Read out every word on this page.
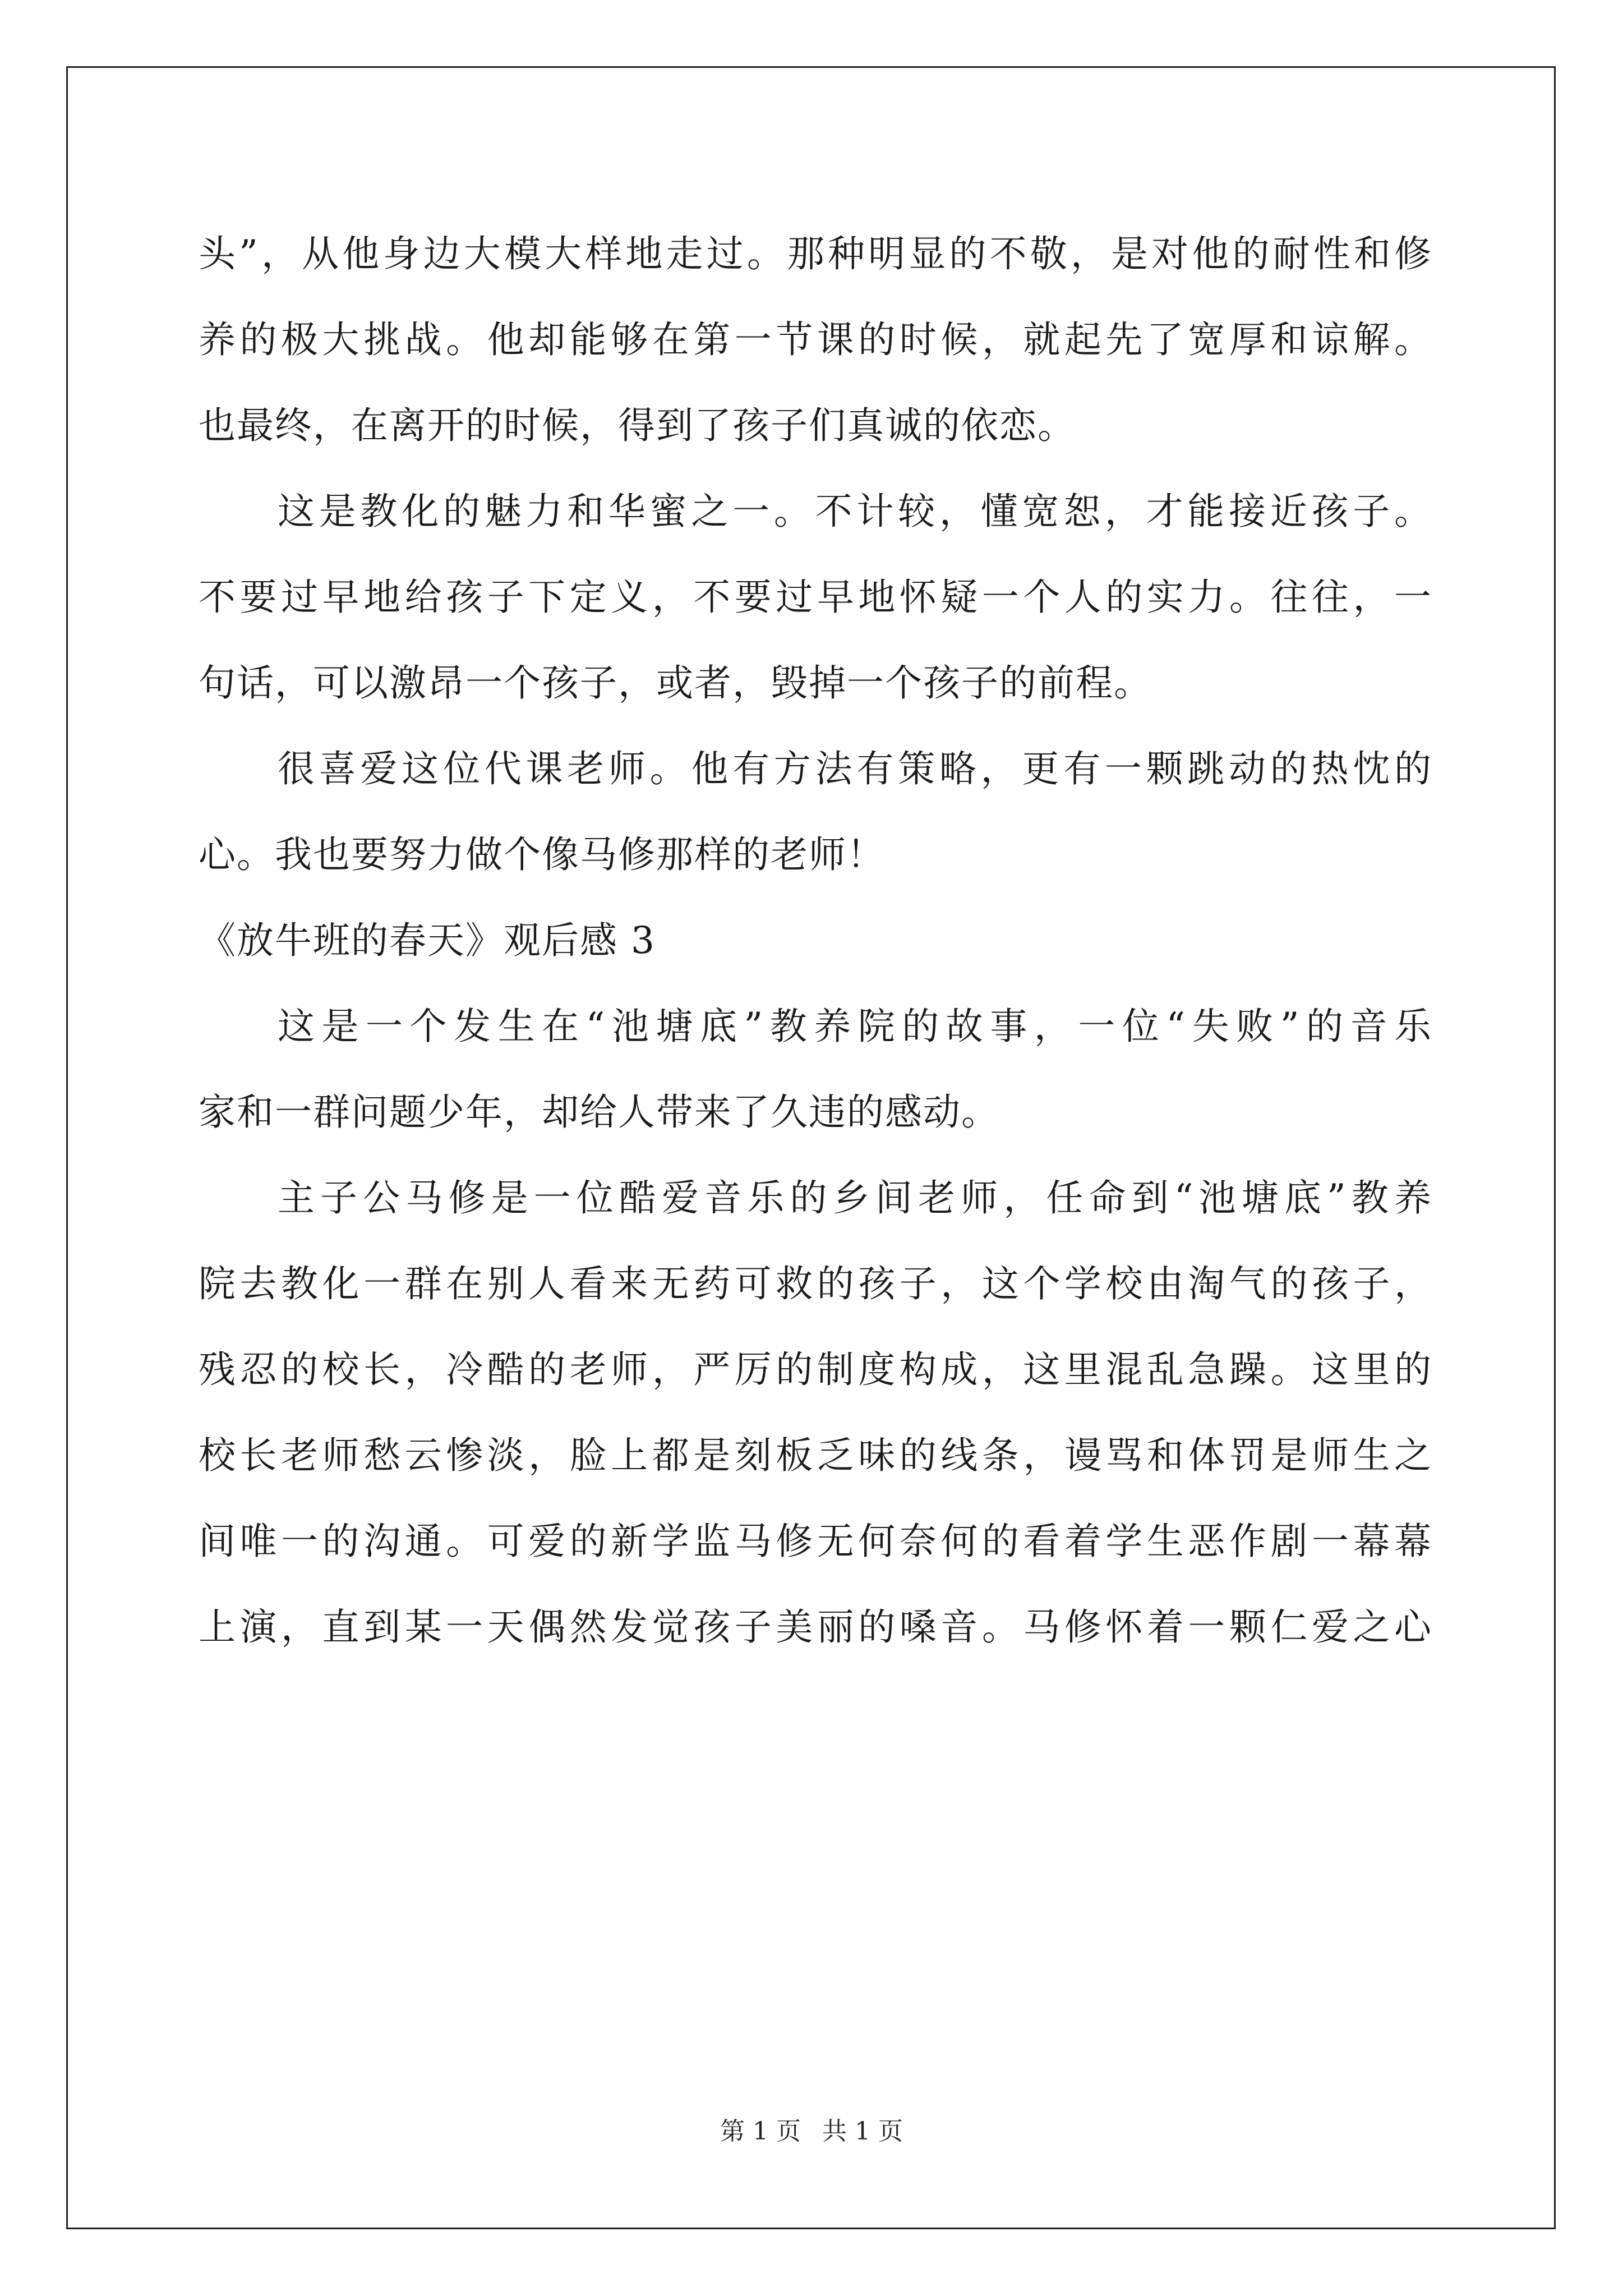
头”，从他身边大模大样地走过。那种明显的不敬，是对他的耐性和修
养的极大挑战。他却能够在第一节课的时候，就起先了宽厚和谅解。
也最终，在离开的时候，得到了孩子们真诚的依恋。
这是教化的魅力和华蜜之一。不计较，懂宽恕，才能接近孩子。
不要过早地给孩子下定义，不要过早地怀疑一个人的实力。往往，一
句话，可以激昂一个孩子，或者，毁掉一个孩子的前程。
很喜爱这位代课老师。他有方法有策略，更有一颗跳动的热忱的
心。我也要努力做个像马修那样的老师！
《放牛班的春天》观后感 3
这是一个发生在“池塘底”教养院的故事，一位“失败”的音乐
家和一群问题少年，却给人带来了久违的感动。
主子公马修是一位酷爱音乐的乡间老师，任命到“池塘底”教养
院去教化一群在别人看来无药可救的孩子，这个学校由淘气的孩子，
残忍的校长，冷酷的老师，严厉的制度构成，这里混乱急躁。这里的
校长老师愁云惨淡，脸上都是刻板乏味的线条，谩骂和体罚是师生之
间唯一的沟通。可爱的新学监马修无何奈何的看着学生恶作剧一幕幕
上演，直到某一天偶然发觉孩子美丽的嗓音。马修怀着一颗仁爱之心
第 1 页 共 1 页
